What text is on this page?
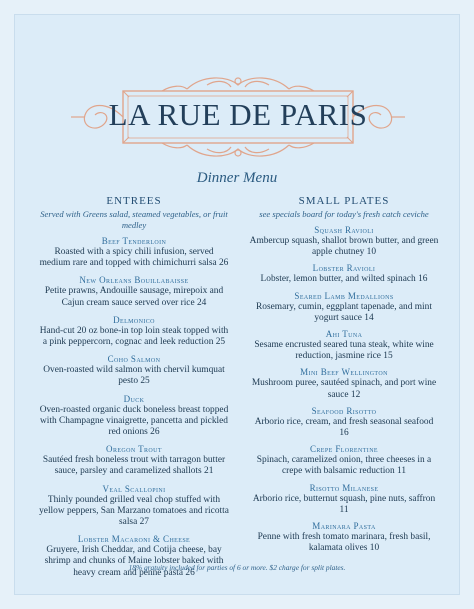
LA RUE DE PARIS
Dinner Menu
ENTREES
Served with Greens salad, steamed vegetables, or fruit medley
Beef Tenderloin
Roasted with a spicy chili infusion, served medium rare and topped with chimichurri salsa 26
New Orleans Bouillabaisse
Petite prawns, Andouille sausage, mirepoix and Cajun cream sauce served over rice 24
Delmonico
Hand-cut 20 oz bone-in top loin steak topped with a pink peppercorn, cognac and leek reduction 25
Coho Salmon
Oven-roasted wild salmon with chervil kumquat pesto 25
Duck
Oven-roasted organic duck boneless breast topped with Champagne vinaigrette, pancetta and pickled red onions 26
Oregon Trout
Sautéed fresh boneless trout with tarragon butter sauce, parsley and caramelized shallots 21
Veal Scallopini
Thinly pounded grilled veal chop stuffed with yellow peppers, San Marzano tomatoes and ricotta salsa 27
Lobster Macaroni & Cheese
Gruyere, Irish Cheddar, and Cotija cheese, bay shrimp and chunks of Maine lobster baked with heavy cream and penne pasta 26
SMALL PLATES
see specials board for today's fresh catch ceviche
Squash Ravioli
Ambercup squash, shallot brown butter, and green apple chutney 10
Lobster Ravioli
Lobster, lemon butter, and wilted spinach 16
Seared Lamb Medallions
Rosemary, cumin, eggplant tapenade, and mint yogurt sauce 14
Ahi Tuna
Sesame encrusted seared tuna steak, white wine reduction, jasmine rice 15
Mini Beef Wellington
Mushroom puree, sautéed spinach, and port wine sauce 12
Seafood Risotto
Arborio rice, cream, and fresh seasonal seafood 16
Crepe Florentine
Spinach, caramelized onion, three cheeses in a crepe with balsamic reduction 11
Risotto Milanese
Arborio rice, butternut squash, pine nuts, saffron 11
Marinara Pasta
Penne with fresh tomato marinara, fresh basil, kalamata olives 10
18% gratuity included for parties of 6 or more. $2 charge for split plates.
